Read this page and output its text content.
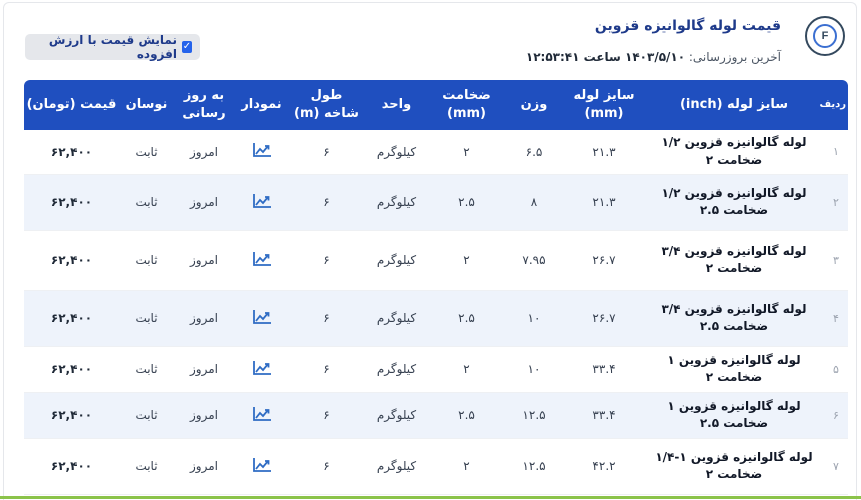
F
قیمت لوله گالوانیزه قزوین
آخرین بروزرسانی: ۱۴۰۳/۵/۱۰ ساعت ۱۲:۵۳:۴۱
✓
نمایش قیمت با ارزش افزوده
ردیف	سایز لوله (inch)	سایز لوله (mm)	وزن	ضخامت (mm)	واحد	طول شاخه (m)	نمودار	به روز رسانی	نوسان	قیمت (تومان)
۱	لوله گالوانیزه قزوین ۱/۲ ضخامت ۲	۲۱.۳	۶.۵	۲	کیلوگرم	۶		امروز	ثابت	۶۲,۴۰۰
۲	لوله گالوانیزه قزوین ۱/۲ ضخامت ۲.۵	۲۱.۳	۸	۲.۵	کیلوگرم	۶		امروز	ثابت	۶۲,۴۰۰
۳	لوله گالوانیزه قزوین ۳/۴ ضخامت ۲	۲۶.۷	۷.۹۵	۲	کیلوگرم	۶		امروز	ثابت	۶۲,۴۰۰
۴	لوله گالوانیزه قزوین ۳/۴ ضخامت ۲.۵	۲۶.۷	۱۰	۲.۵	کیلوگرم	۶		امروز	ثابت	۶۲,۴۰۰
۵	لوله گالوانیزه قزوین ۱ ضخامت ۲	۳۳.۴	۱۰	۲	کیلوگرم	۶		امروز	ثابت	۶۲,۴۰۰
۶	لوله گالوانیزه قزوین ۱ ضخامت ۲.۵	۳۳.۴	۱۲.۵	۲.۵	کیلوگرم	۶		امروز	ثابت	۶۲,۴۰۰
۷	لوله گالوانیزه قزوین ۱-۱/۴ ضخامت ۲	۴۲.۲	۱۲.۵	۲	کیلوگرم	۶		امروز	ثابت	۶۲,۴۰۰
